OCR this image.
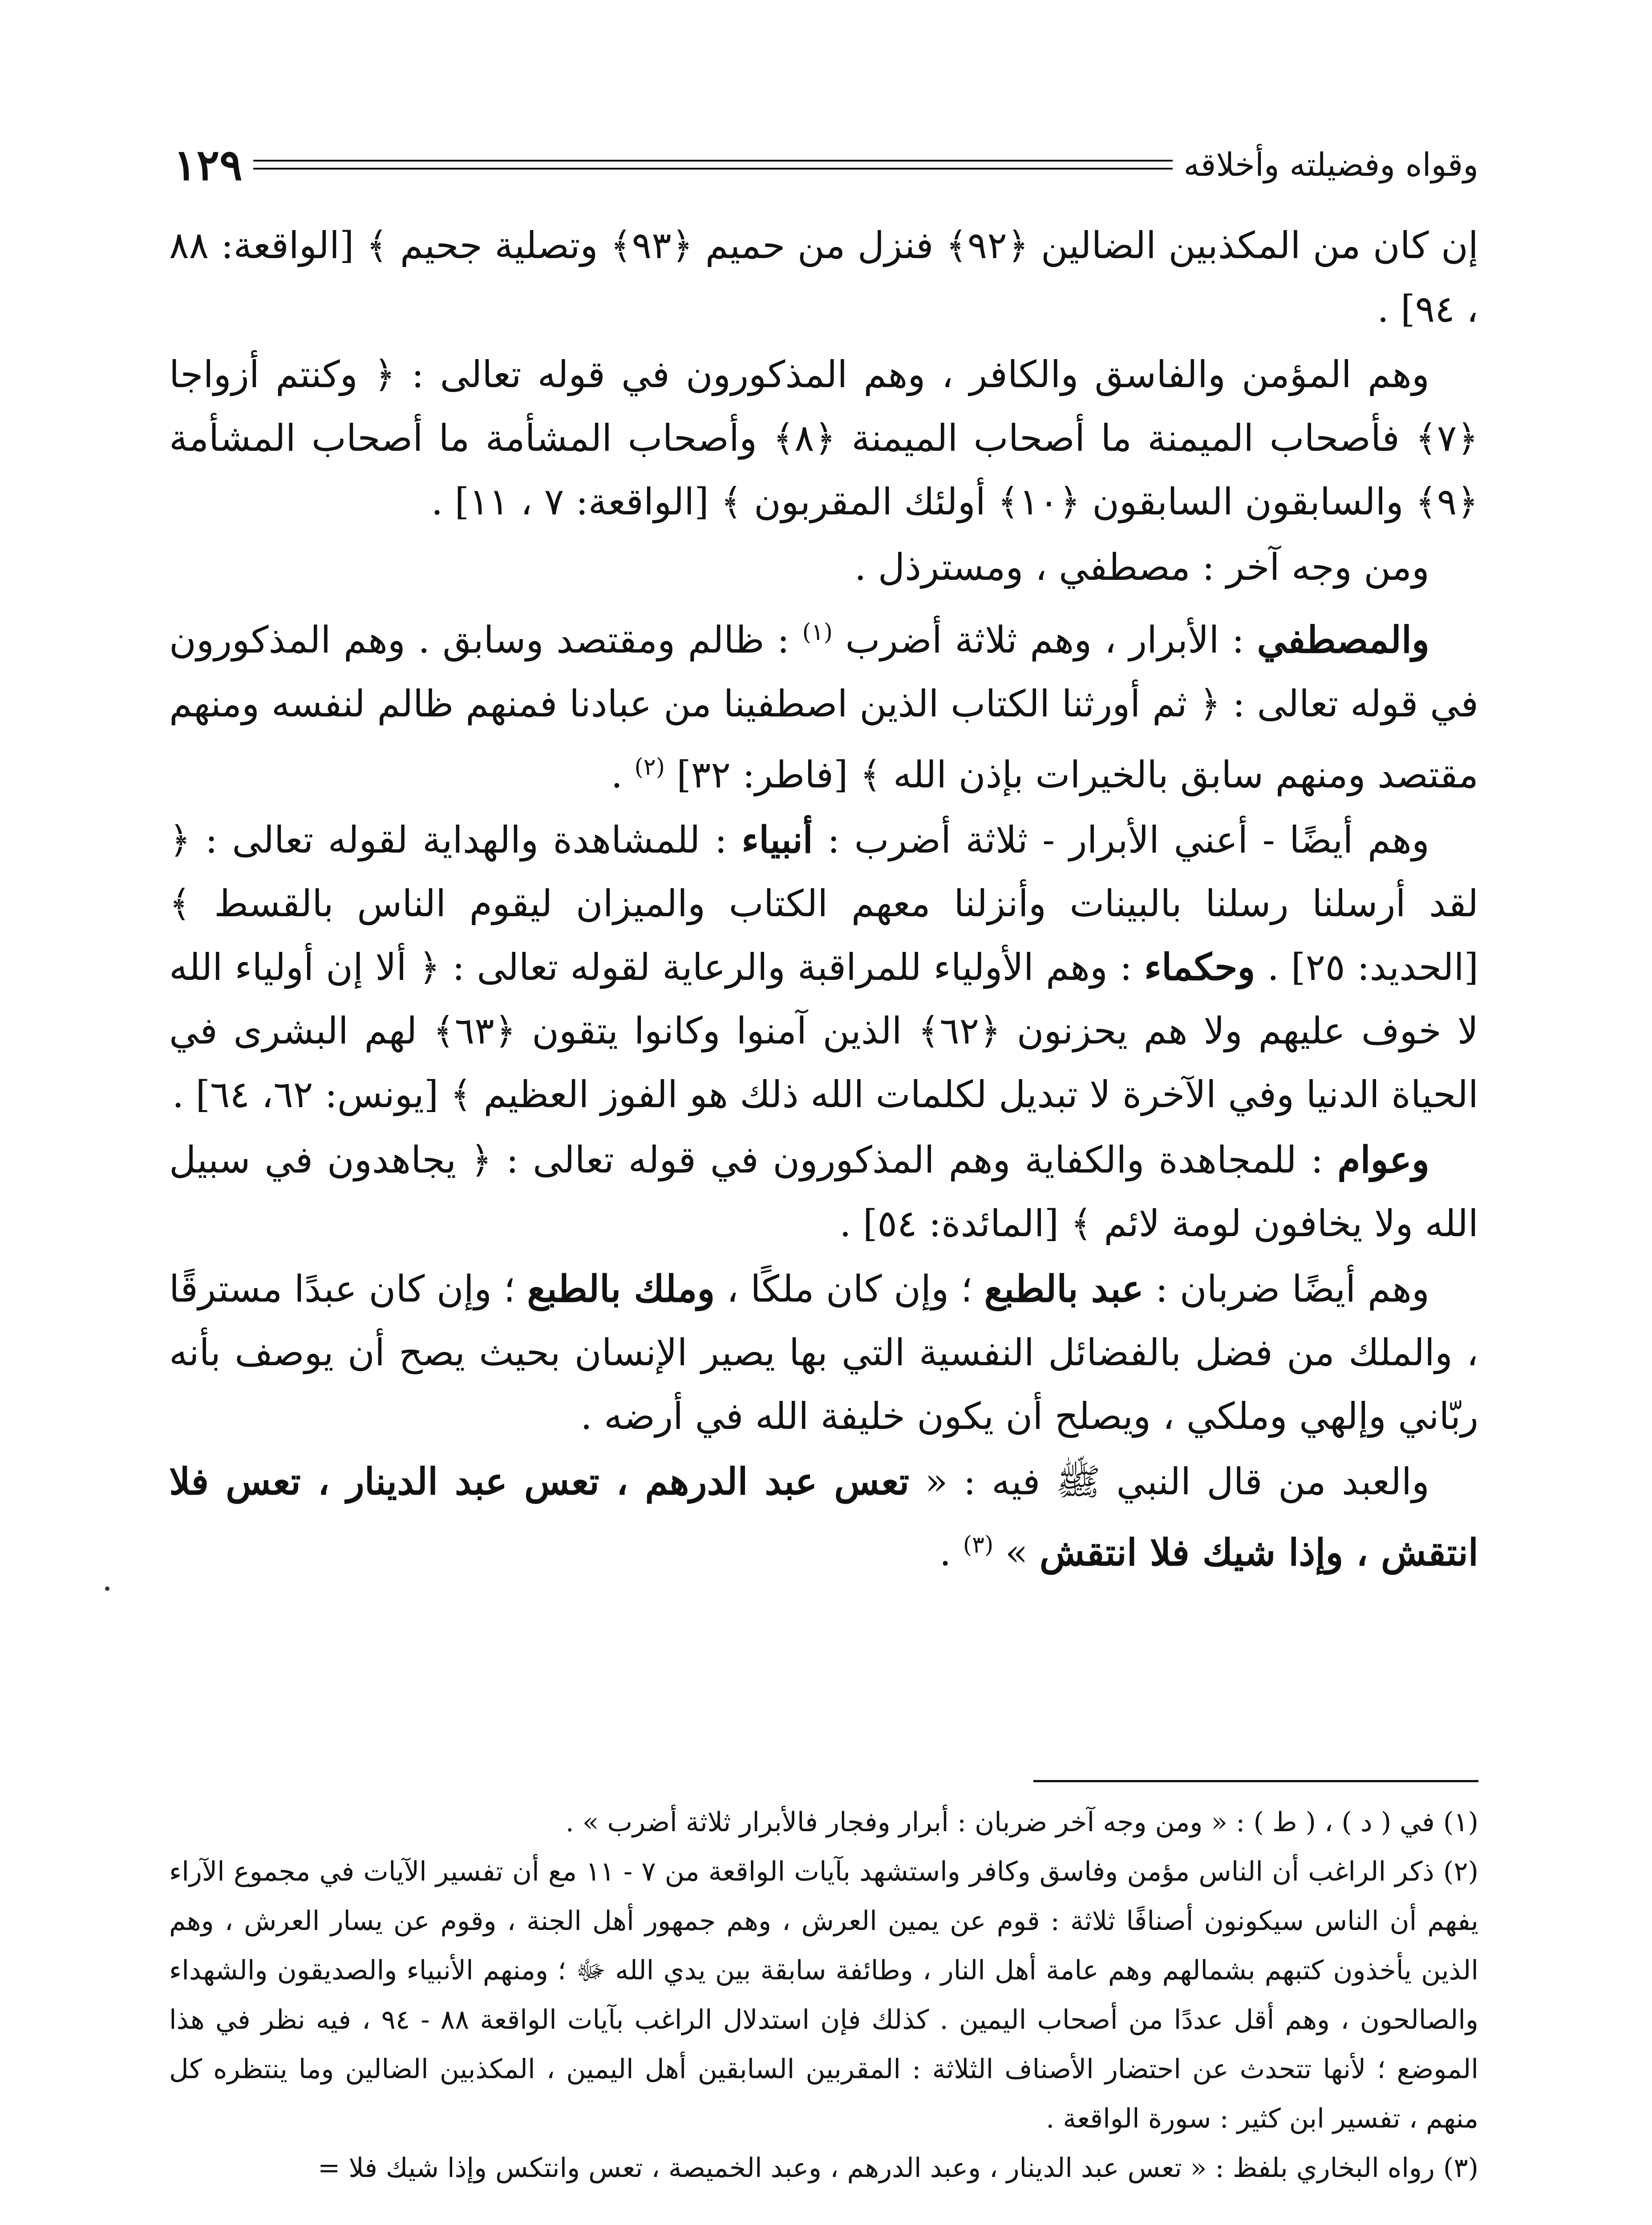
وقواه وفضيلته وأخلاقه
١٢٩

إن كان من المكذبين الضالين ﴿٩٢﴾ فنزل من حميم ﴿٩٣﴾ وتصلية جحيم ﴾ [الواقعة: ٨٨ ، ٩٤] .

وهم المؤمن والفاسق والكافر ، وهم المذكورون في قوله تعالى : ﴿ وكنتم أزواجا ﴿٧﴾ فأصحاب الميمنة ما أصحاب الميمنة ﴿٨﴾ وأصحاب المشأمة ما أصحاب المشأمة ﴿٩﴾ والسابقون السابقون ﴿١٠﴾ أولئك المقربون ﴾ [الواقعة: ٧ ، ١١] .

ومن وجه آخر : مصطفي ، ومسترذل .

والمصطفي : الأبرار ، وهم ثلاثة أضرب $^{(١)}$ : ظالم ومقتصد وسابق . وهم المذكورون في قوله تعالى : ﴿ ثم أورثنا الكتاب الذين اصطفينا من عبادنا فمنهم ظالم لنفسه ومنهم مقتصد ومنهم سابق بالخيرات بإذن الله ﴾ [فاطر: ٣٢] $^{(٢)}$ .

وهم أيضًا - أعني الأبرار - ثلاثة أضرب : أنبياء : للمشاهدة والهداية لقوله تعالى : ﴿ لقد أرسلنا رسلنا بالبينات وأنزلنا معهم الكتاب والميزان ليقوم الناس بالقسط ﴾ [الحديد: ٢٥] . وحكماء : وهم الأولياء للمراقبة والرعاية لقوله تعالى : ﴿ ألا إن أولياء الله لا خوف عليهم ولا هم يحزنون ﴿٦٢﴾ الذين آمنوا وكانوا يتقون ﴿٦٣﴾ لهم البشرى في الحياة الدنيا وفي الآخرة لا تبديل لكلمات الله ذلك هو الفوز العظيم ﴾ [يونس: ٦٢، ٦٤] .

وعوام : للمجاهدة والكفاية وهم المذكورون في قوله تعالى : ﴿ يجاهدون في سبيل الله ولا يخافون لومة لائم ﴾ [المائدة: ٥٤] .

وهم أيضًا ضربان : عبد بالطبع ؛ وإن كان ملكًا ، وملك بالطبع ؛ وإن كان عبدًا مسترقًا ، والملك من فضل بالفضائل النفسية التي بها يصير الإنسان بحيث يصح أن يوصف بأنه ربّاني وإلهي وملكي ، ويصلح أن يكون خليفة الله في أرضه .

والعبد من قال النبي ﷺ فيه : « تعس عبد الدرهم ، تعس عبد الدينار ، تعس فلا انتقش ، وإذا شيك فلا انتقش » $^{(٣)}$ .

(١) في ( د ) ، ( ط ) : « ومن وجه آخر ضربان : أبرار وفجار فالأبرار ثلاثة أضرب » .

(٢) ذكر الراغب أن الناس مؤمن وفاسق وكافر واستشهد بآيات الواقعة من ٧ - ١١ مع أن تفسير الآيات في مجموع الآراء يفهم أن الناس سيكونون أصنافًا ثلاثة : قوم عن يمين العرش ، وهم جمهور أهل الجنة ، وقوم عن يسار العرش ، وهم الذين يأخذون كتبهم بشمالهم وهم عامة أهل النار ، وطائفة سابقة بين يدي الله ﷻ ؛ ومنهم الأنبياء والصديقون والشهداء والصالحون ، وهم أقل عددًا من أصحاب اليمين . كذلك فإن استدلال الراغب بآيات الواقعة ٨٨ - ٩٤ ، فيه نظر في هذا الموضع ؛ لأنها تتحدث عن احتضار الأصناف الثلاثة : المقربين السابقين أهل اليمين ، المكذبين الضالين وما ينتظره كل منهم ، تفسير ابن كثير : سورة الواقعة .

(٣) رواه البخاري بلفظ : « تعس عبد الدينار ، وعبد الدرهم ، وعبد الخميصة ، تعس وانتكس وإذا شيك فلا =
